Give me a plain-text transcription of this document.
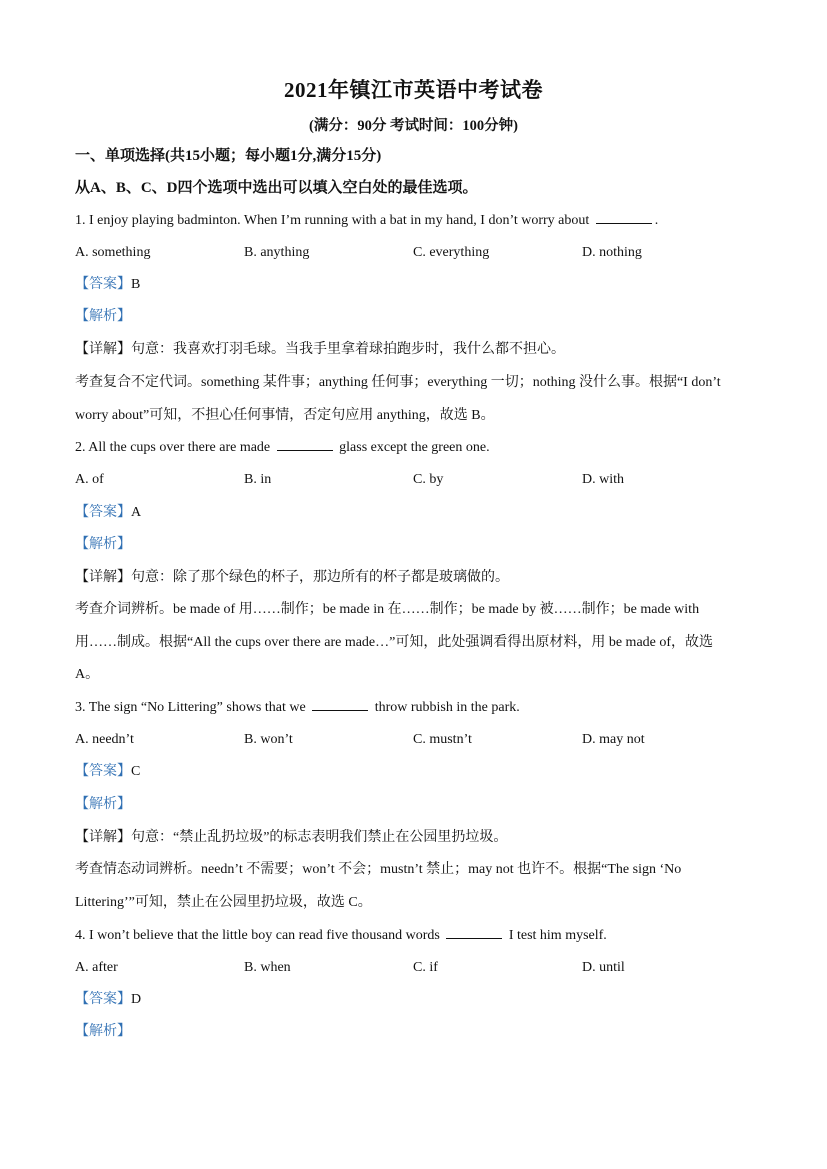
2021年镇江市英语中考试卷
(满分：90分 考试时间：100分钟)
一、单项选择(共15小题；每小题1分,满分15分)
从A、B、C、D四个选项中选出可以填入空白处的最佳选项。
1. I enjoy playing badminton. When I’m running with a bat in my hand, I don’t worry about	.
A. something	B. anything	C. everything	D. nothing
【答案】B
【解析】
【详解】句意：我喜欢打羽毛球。当我手里拿着球拍跑步时，我什么都不担心。
考查复合不定代词。something 某件事；anything 任何事；everything 一切；nothing 没什么事。根据“I don’t
worry about”可知，不担心任何事情，否定句应用 anything，故选 B。
2. All the cups over there are made	glass except the green one.
A. of	B. in	C. by	D. with
【答案】A
【解析】
【详解】句意：除了那个绿色的杯子，那边所有的杯子都是玻璃做的。
考查介词辨析。be made of 用……制作；be made in 在……制作；be made by 被……制作；be made with
用……制成。根据“All the cups over there are made…”可知，此处强调看得出原材料，用 be made of，故选
A。
3. The sign “No Littering” shows that we	throw rubbish in the park.
A. needn’t	B. won’t	C. mustn’t	D. may not
【答案】C
【解析】
【详解】句意：“禁止乱扔垃圾”的标志表明我们禁止在公园里扔垃圾。
考查情态动词辨析。needn’t 不需要；won’t 不会；mustn’t 禁止；may not 也许不。根据“The sign ‘No
Littering’”可知，禁止在公园里扔垃圾，故选 C。
4. I won’t believe that the little boy can read five thousand words	I test him myself.
A. after	B. when	C. if	D. until
【答案】D
【解析】
